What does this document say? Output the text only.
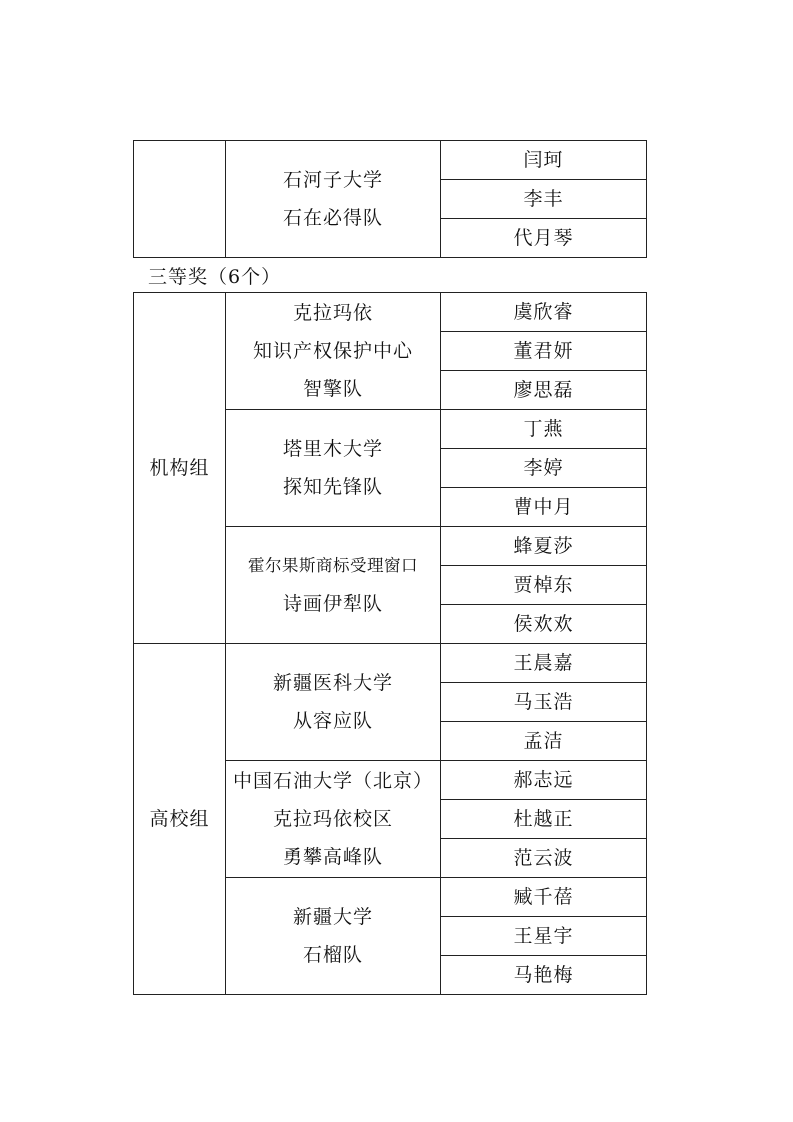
石河子大学
石在必得队
	闫珂
李丰
代月琴
三等奖（6个）
机构组	克拉玛依
知识产权保护中心
智擎队	虞欣睿
		董君妍
		廖思磊

	塔里木大学
探知先锋队	丁燕
		李婷
		曹中月

	霍尔果斯商标受理窗口
诗画伊犁队	蜂夏莎
		贾棹东
		侯欢欢
高校组	新疆医科大学
从容应队	王晨嘉
		马玉浩
		孟洁

	中国石油大学（北京）
克拉玛依校区
勇攀高峰队	郝志远
		杜越正
		范云波

	新疆大学
石榴队	臧千蓓
		王星宇
		马艳梅
